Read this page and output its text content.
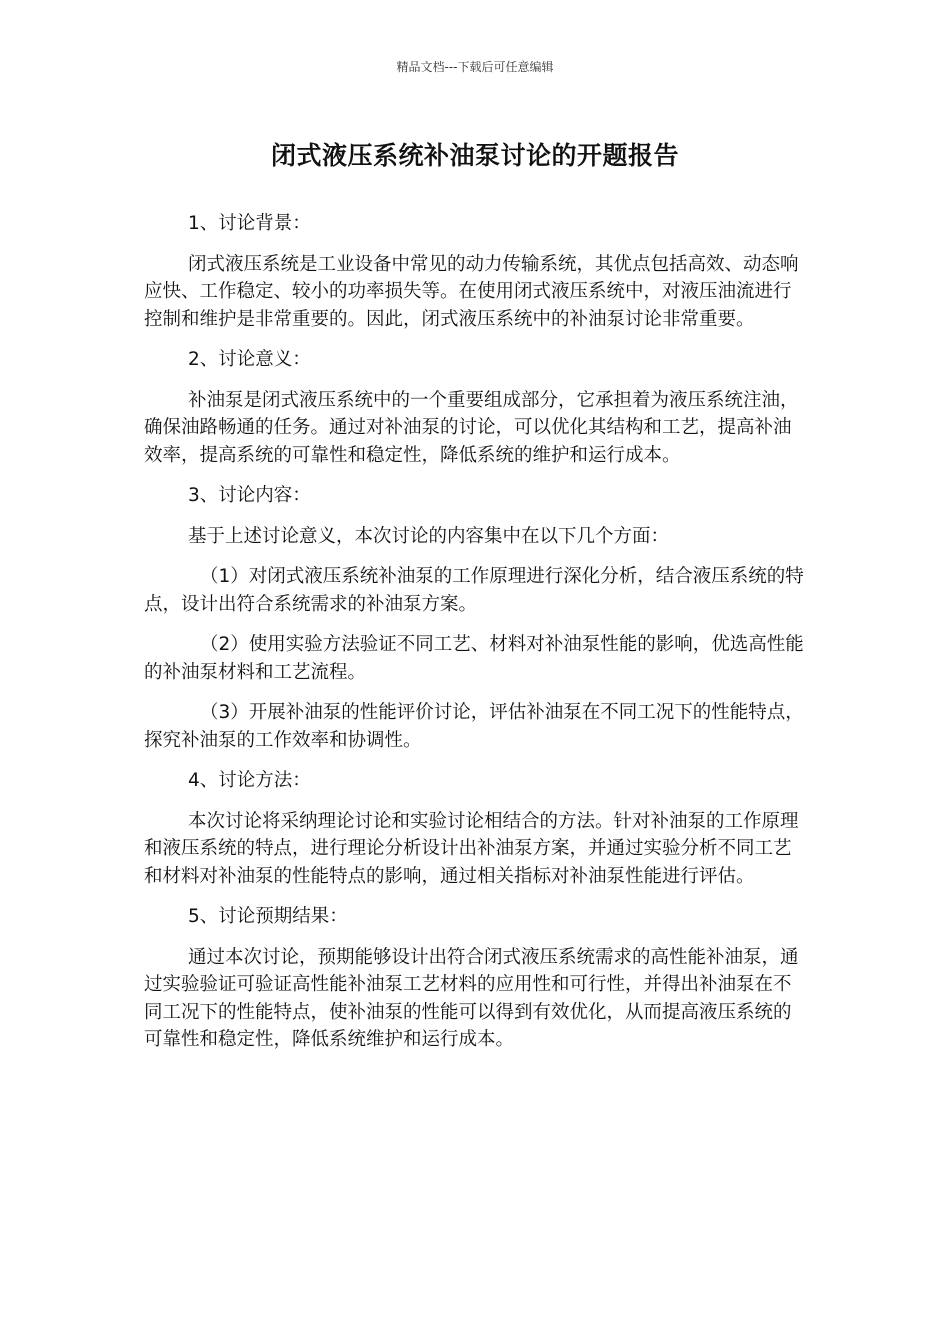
精品文档---下载后可任意编辑
闭式液压系统补油泵讨论的开题报告

1、讨论背景：

闭式液压系统是工业设备中常见的动力传输系统，其优点包括高效、动态响应快、工作稳定、较小的功率损失等。在使用闭式液压系统中，对液压油流进行控制和维护是非常重要的。因此，闭式液压系统中的补油泵讨论非常重要。

2、讨论意义：

补油泵是闭式液压系统中的一个重要组成部分，它承担着为液压系统注油，确保油路畅通的任务。通过对补油泵的讨论，可以优化其结构和工艺，提高补油效率，提高系统的可靠性和稳定性，降低系统的维护和运行成本。

3、讨论内容：

基于上述讨论意义，本次讨论的内容集中在以下几个方面：

（1）对闭式液压系统补油泵的工作原理进行深化分析，结合液压系统的特点，设计出符合系统需求的补油泵方案。

（2）使用实验方法验证不同工艺、材料对补油泵性能的影响，优选高性能的补油泵材料和工艺流程。

（3）开展补油泵的性能评价讨论，评估补油泵在不同工况下的性能特点，探究补油泵的工作效率和协调性。

4、讨论方法：

本次讨论将采纳理论讨论和实验讨论相结合的方法。针对补油泵的工作原理和液压系统的特点，进行理论分析设计出补油泵方案，并通过实验分析不同工艺和材料对补油泵的性能特点的影响，通过相关指标对补油泵性能进行评估。

5、讨论预期结果：

通过本次讨论，预期能够设计出符合闭式液压系统需求的高性能补油泵，通过实验验证可验证高性能补油泵工艺材料的应用性和可行性，并得出补油泵在不同工况下的性能特点，使补油泵的性能可以得到有效优化，从而提高液压系统的可靠性和稳定性，降低系统维护和运行成本。
